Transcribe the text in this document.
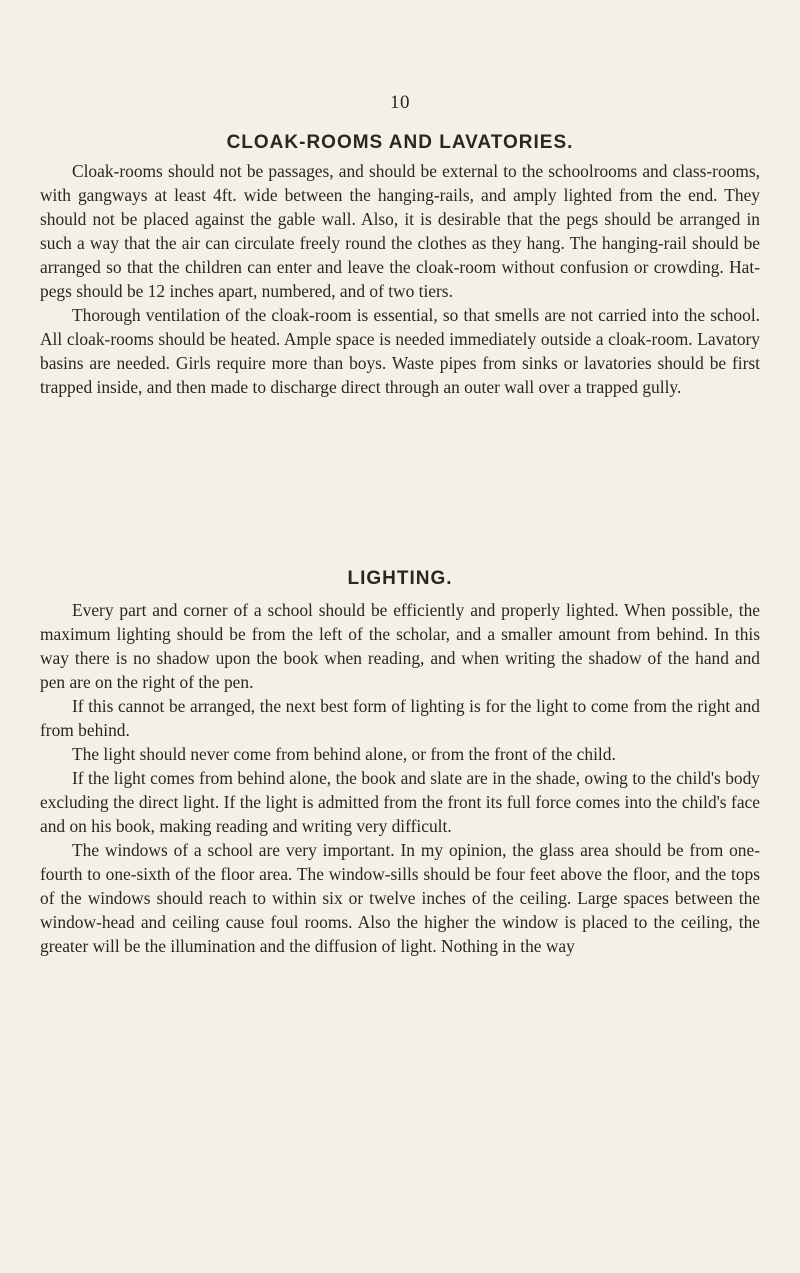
10
CLOAK-ROOMS AND LAVATORIES.

Cloak-rooms should not be passages, and should be external to the schoolrooms and class-rooms, with gangways at least 4ft. wide between the hanging-rails, and amply lighted from the end. They should not be placed against the gable wall. Also, it is desirable that the pegs should be arranged in such a way that the air can circulate freely round the clothes as they hang. The hanging-rail should be arranged so that the children can enter and leave the cloak-room without confusion or crowding. Hat-pegs should be 12 inches apart, numbered, and of two tiers.

Thorough ventilation of the cloak-room is essential, so that smells are not carried into the school. All cloak-rooms should be heated. Ample space is needed immediately outside a cloak-room. Lavatory basins are needed. Girls require more than boys. Waste pipes from sinks or lavatories should be first trapped inside, and then made to discharge direct through an outer wall over a trapped gully.

LIGHTING.

Every part and corner of a school should be efficiently and properly lighted. When possible, the maximum lighting should be from the left of the scholar, and a smaller amount from behind. In this way there is no shadow upon the book when reading, and when writing the shadow of the hand and pen are on the right of the pen.

If this cannot be arranged, the next best form of lighting is for the light to come from the right and from behind.

The light should never come from behind alone, or from the front of the child.

If the light comes from behind alone, the book and slate are in the shade, owing to the child's body excluding the direct light. If the light is admitted from the front its full force comes into the child's face and on his book, making reading and writing very difficult.

The windows of a school are very important. In my opinion, the glass area should be from one-fourth to one-sixth of the floor area. The window-sills should be four feet above the floor, and the tops of the windows should reach to within six or twelve inches of the ceiling. Large spaces between the window-head and ceiling cause foul rooms. Also the higher the window is placed to the ceiling, the greater will be the illumination and the diffusion of light. Nothing in the way
